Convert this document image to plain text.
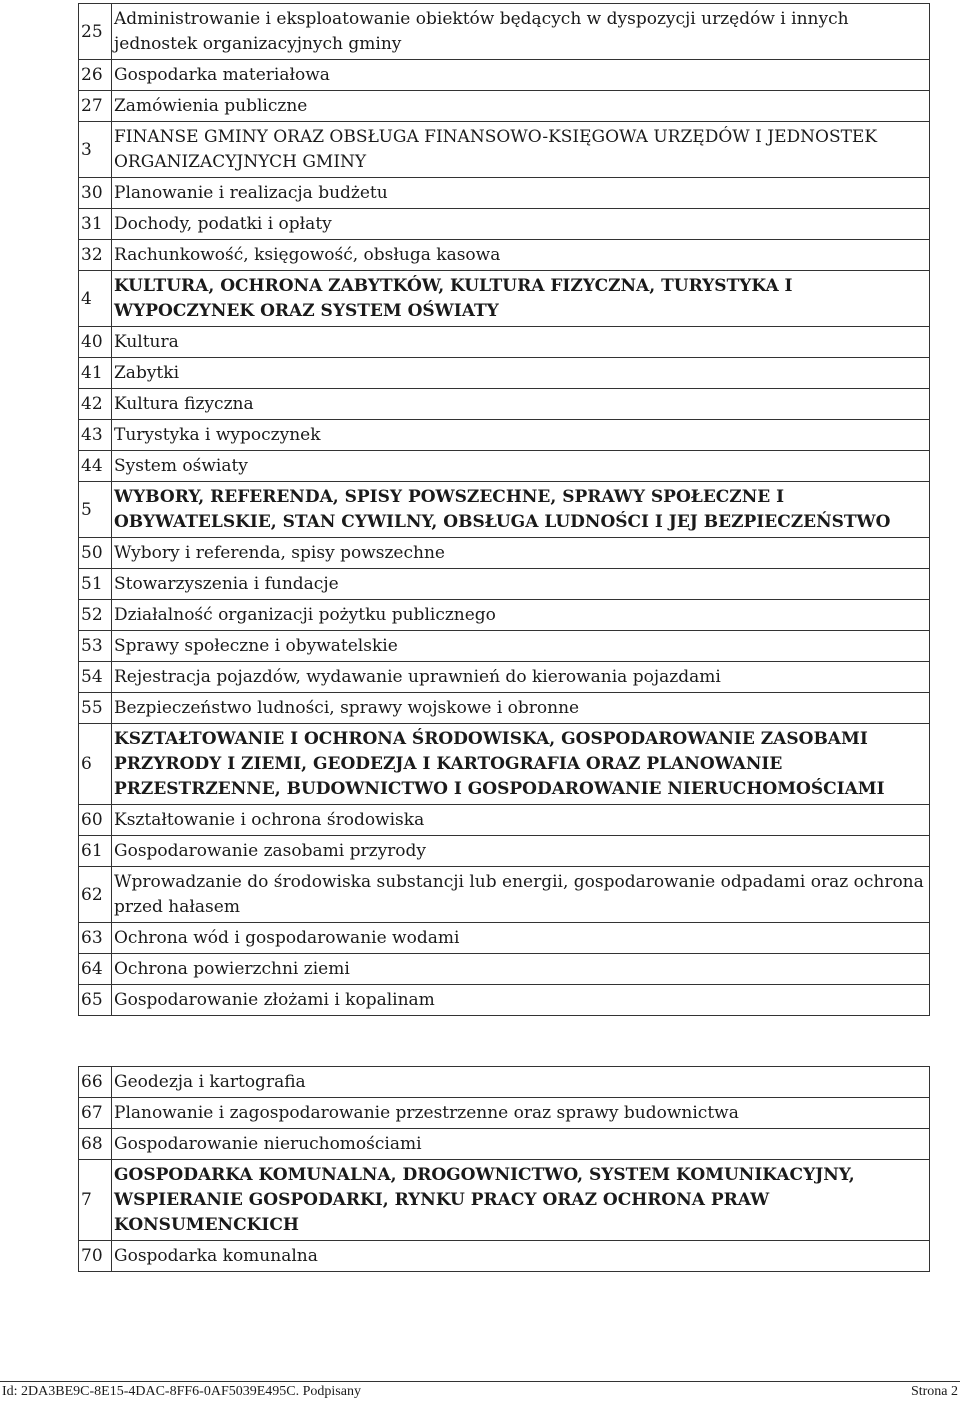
25	Administrowanie i eksploatowanie obiektów będących w dyspozycji urzędów i innych jednostek organizacyjnych gminy
26	Gospodarka materiałowa
27	Zamówienia publiczne
3	FINANSE GMINY ORAZ OBSŁUGA FINANSOWO-KSIĘGOWA URZĘDÓW I JEDNOSTEK ORGANIZACYJNYCH GMINY
30	Planowanie i realizacja budżetu
31	Dochody, podatki i opłaty
32	Rachunkowość, księgowość, obsługa kasowa
4	KULTURA, OCHRONA ZABYTKÓW, KULTURA FIZYCZNA, TURYSTYKA I WYPOCZYNEK ORAZ SYSTEM OŚWIATY
40	Kultura
41	Zabytki
42	Kultura fizyczna
43	Turystyka i wypoczynek
44	System oświaty
5	WYBORY, REFERENDA, SPISY POWSZECHNE, SPRAWY SPOŁECZNE I OBYWATELSKIE, STAN CYWILNY, OBSŁUGA LUDNOŚCI I JEJ BEZPIECZEŃSTWO
50	Wybory i referenda, spisy powszechne
51	Stowarzyszenia i fundacje
52	Działalność organizacji pożytku publicznego
53	Sprawy społeczne i obywatelskie
54	Rejestracja pojazdów, wydawanie uprawnień do kierowania pojazdami
55	Bezpieczeństwo ludności, sprawy wojskowe i obronne
6	KSZTAŁTOWANIE I OCHRONA ŚRODOWISKA, GOSPODAROWANIE ZASOBAMI PRZYRODY I ZIEMI, GEODEZJA I KARTOGRAFIA ORAZ PLANOWANIE PRZESTRZENNE, BUDOWNICTWO I GOSPODAROWANIE NIERUCHOMOŚCIAMI
60	Kształtowanie i ochrona środowiska
61	Gospodarowanie zasobami przyrody
62	Wprowadzanie do środowiska substancji lub energii, gospodarowanie odpadami oraz ochrona przed hałasem
63	Ochrona wód i gospodarowanie wodami
64	Ochrona powierzchni ziemi
65	Gospodarowanie złożami i kopalinam
66	Geodezja i kartografia
67	Planowanie i zagospodarowanie przestrzenne oraz sprawy budownictwa
68	Gospodarowanie nieruchomościami
7	GOSPODARKA KOMUNALNA, DROGOWNICTWO, SYSTEM KOMUNIKACYJNY, WSPIERANIE GOSPODARKI, RYNKU PRACY ORAZ OCHRONA PRAW KONSUMENCKICH
70	Gospodarka komunalna
Id: 2DA3BE9C-8E15-4DAC-8FF6-0AF5039E495C. Podpisany	Strona 2
